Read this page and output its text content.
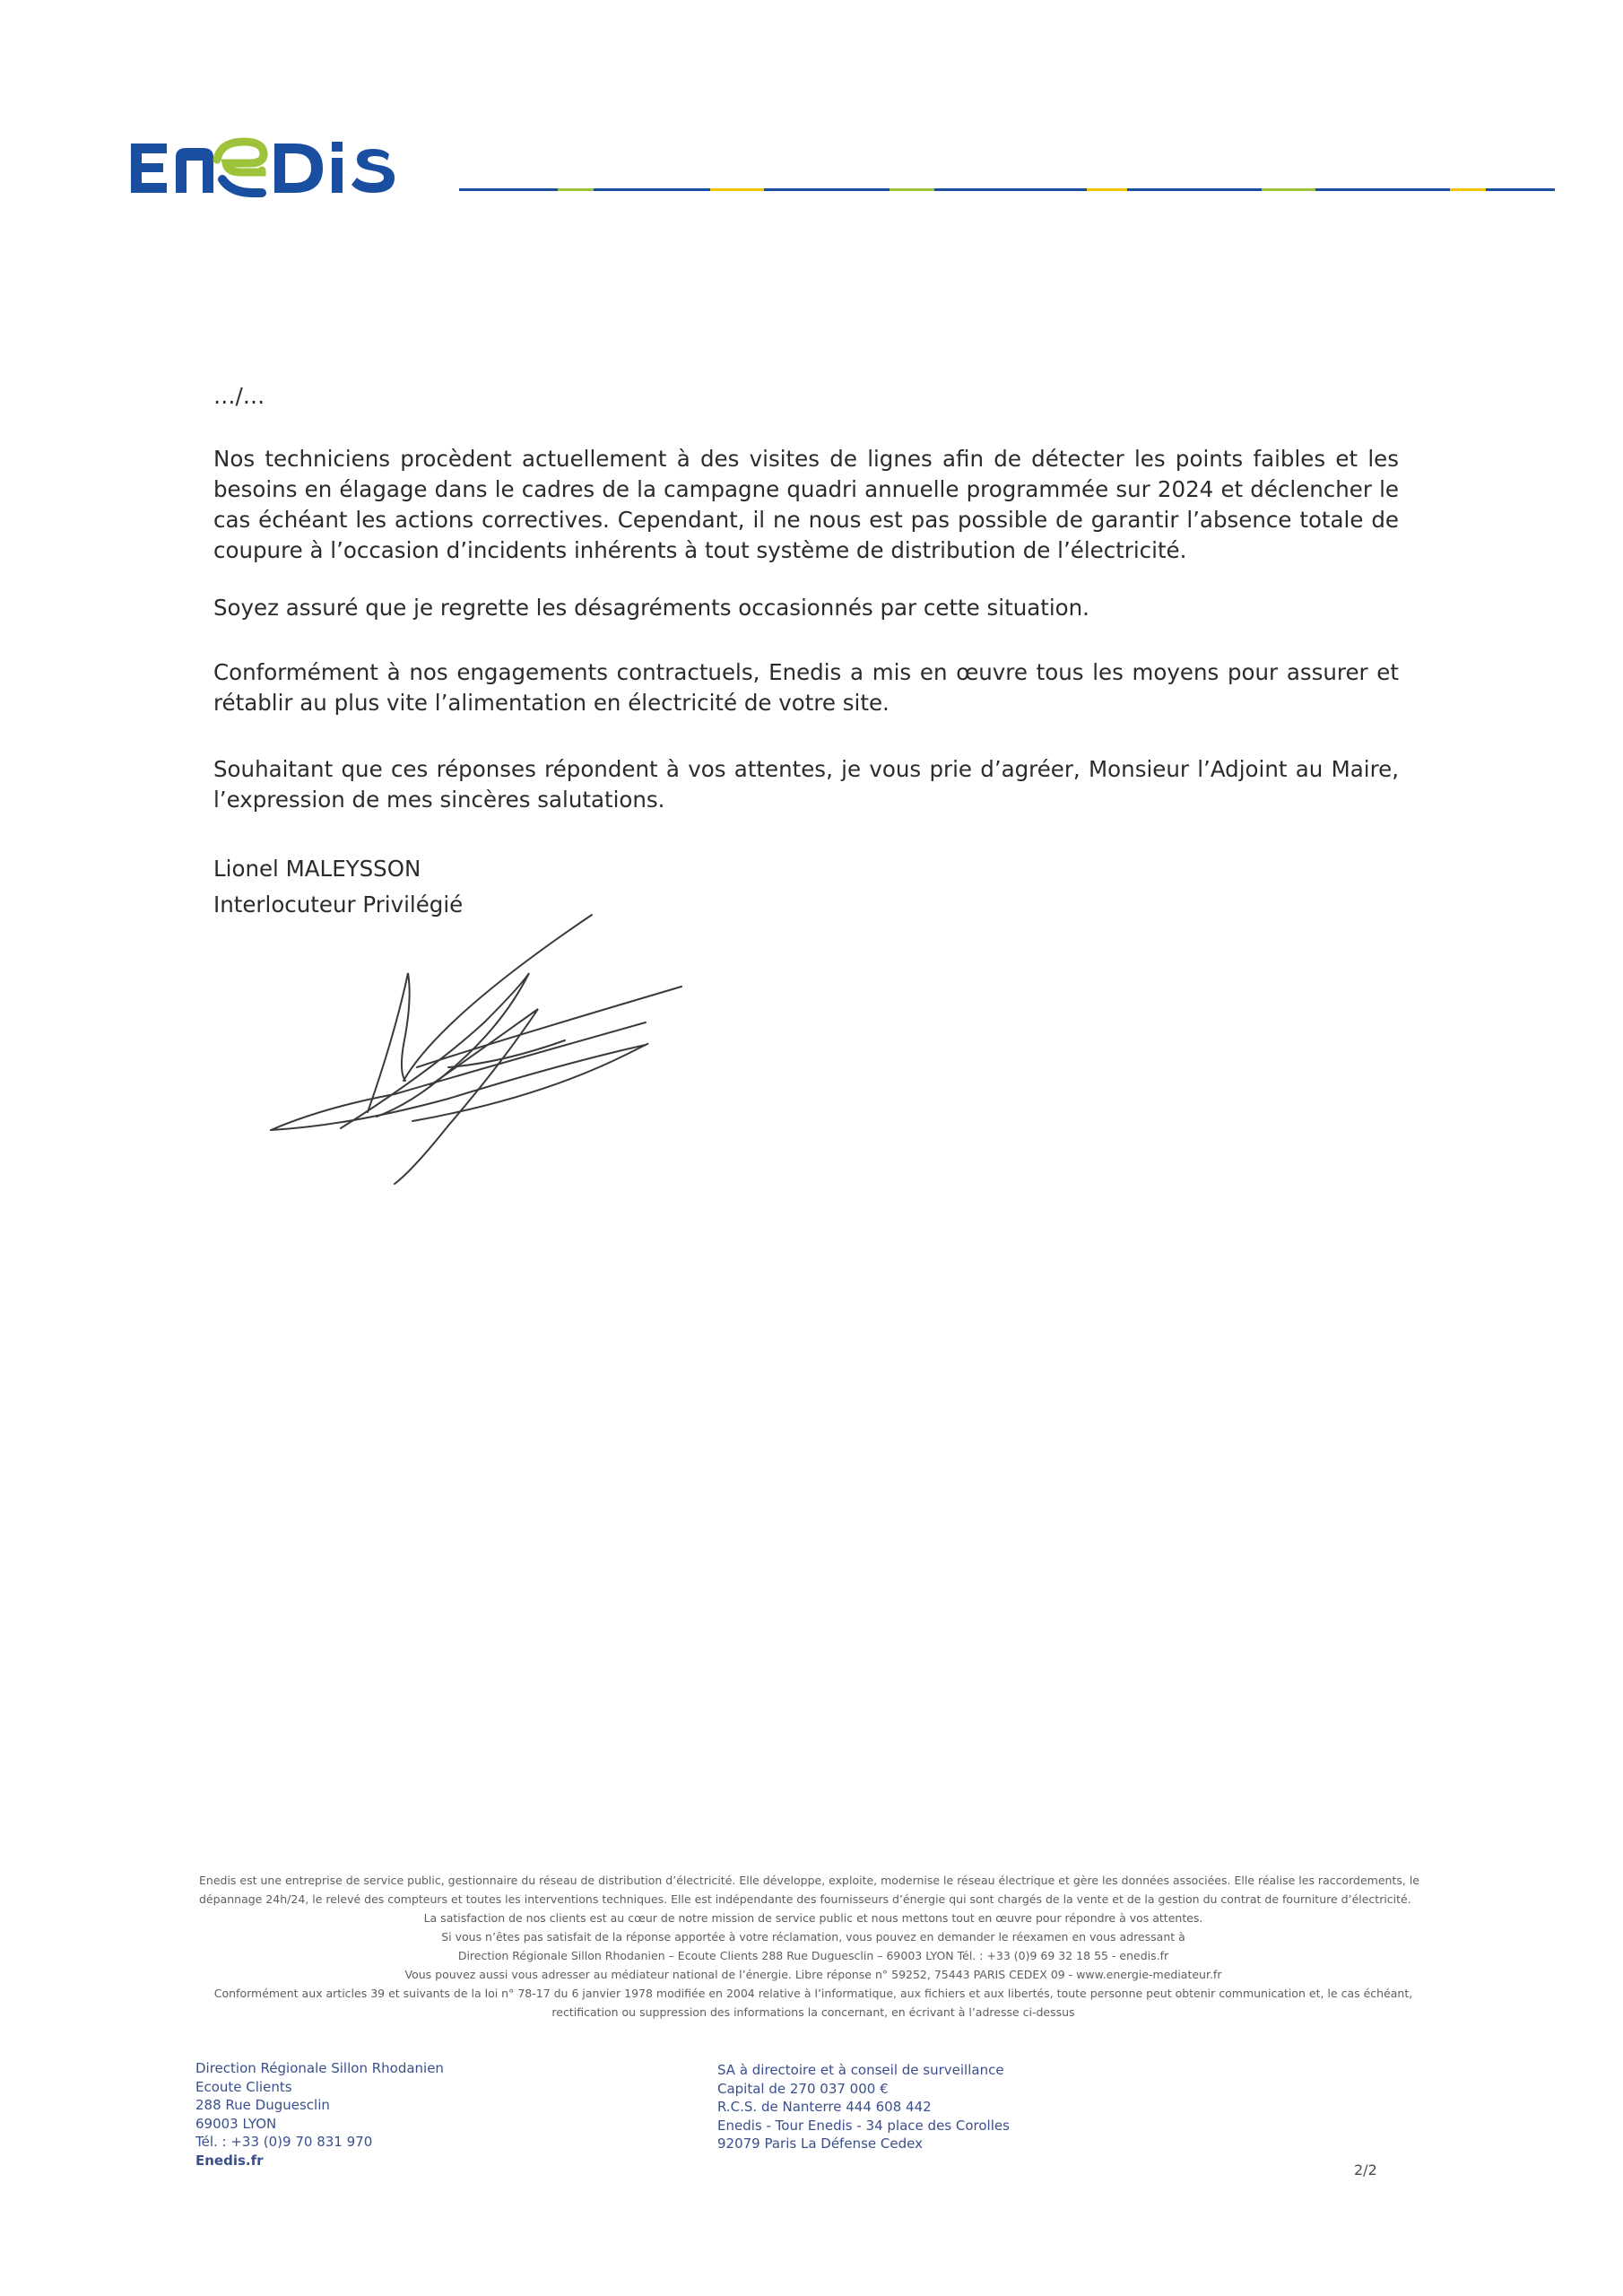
…/…

Nos techniciens procèdent actuellement à des visites de lignes afin de détecter les points faibles et les besoins en élagage dans le cadres de la campagne quadri annuelle programmée sur 2024 et déclencher le cas échéant les actions correctives. Cependant, il ne nous est pas possible de garantir l’absence totale de coupure à l’occasion d’incidents inhérents à tout système de distribution de l’électricité.

Soyez assuré que je regrette les désagréments occasionnés par cette situation.

Conformément à nos engagements contractuels, Enedis a mis en œuvre tous les moyens pour assurer et rétablir au plus vite l’alimentation en électricité de votre site.

Souhaitant que ces réponses répondent à vos attentes, je vous prie d’agréer, Monsieur l’Adjoint au Maire, l’expression de mes sincères salutations.

Lionel MALEYSSON

Interlocuteur Privilégié

Enedis est une entreprise de service public, gestionnaire du réseau de distribution d’électricité. Elle développe, exploite, modernise le réseau électrique et gère les données associées. Elle réalise les raccordements, le dépannage 24h/24, le relevé des compteurs et toutes les interventions techniques. Elle est indépendante des fournisseurs d’énergie qui sont chargés de la vente et de la gestion du contrat de fourniture d’électricité.

La satisfaction de nos clients est au cœur de notre mission de service public et nous mettons tout en œuvre pour répondre à vos attentes.

Si vous n’êtes pas satisfait de la réponse apportée à votre réclamation, vous pouvez en demander le réexamen en vous adressant à

Direction Régionale Sillon Rhodanien – Ecoute Clients 288 Rue Duguesclin – 69003 LYON Tél. : +33 (0)9 69 32 18 55 - enedis.fr

Vous pouvez aussi vous adresser au médiateur national de l’énergie. Libre réponse n° 59252, 75443 PARIS CEDEX 09 - www.energie-mediateur.fr

Conformément aux articles 39 et suivants de la loi n° 78-17 du 6 janvier 1978 modifiée en 2004 relative à l’informatique, aux fichiers et aux libertés, toute personne peut obtenir communication et, le cas échéant, rectification ou suppression des informations la concernant, en écrivant à l’adresse ci-dessus

Direction Régionale Sillon Rhodanien
Ecoute Clients
288 Rue Duguesclin
69003 LYON
Tél. : +33 (0)9 70 831 970
Enedis.fr
SA à directoire et à conseil de surveillance
Capital de 270 037 000 €
R.C.S. de Nanterre 444 608 442
Enedis - Tour Enedis - 34 place des Corolles
92079 Paris La Défense Cedex
2/2
